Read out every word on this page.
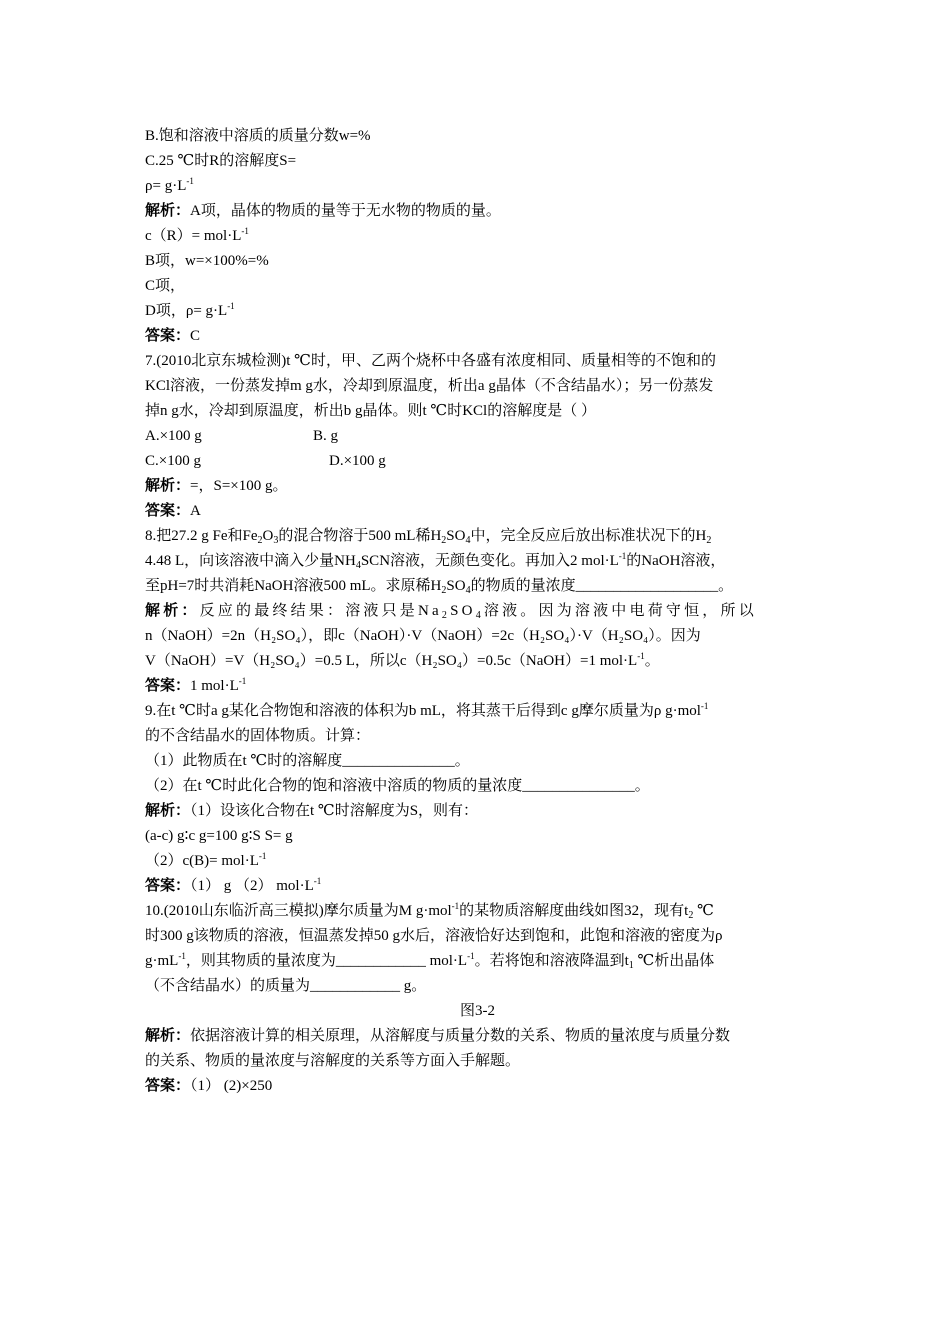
B.饱和溶液中溶质的质量分数w=%
C.25 ℃时R的溶解度S=
$\rho= g\cdot L^{-1}$
解析：A项，晶体的物质的量等于无水物的物质的量。
$c(R)= mol\cdot L^{-1}$
B项，w=×100%=%
C项，
D项，$\rho= g\cdot L^{-1}$
答案：C
7.(2010北京东城检测)t ℃时，甲、乙两个烧杯中各盛有浓度相同、质量相等的不饱和的
KCl溶液，一份蒸发掉m g水，冷却到原温度，析出a g晶体（不含结晶水）；另一份蒸发
掉n g水，冷却到原温度，析出b g晶体。则t ℃时KCl的溶解度是（ ）
A.×100 g	B. g
C.×100 g	D.×100 g
解析：=，S=×100 g。
答案：A
8.把27.2 g Fe和$Fe_2O_3$的混合物溶于500 mL稀$H_2SO_4$中，完全反应后放出标准状况下的$H_2$
4.48 L，向该溶液中滴入少量$NH_4SCN$溶液，无颜色变化。再加入2 $mol\cdot L^{-1}$的NaOH溶液，
至pH=7时共消耗NaOH溶液500 mL。求原稀$H_2SO_4$的物质的量浓度___________________。
解析：反应的最终结果：溶液只是$Na_2SO_4$溶液。因为溶液中电荷守恒，所以
n（NaOH）=2n（H₂SO₄），即c（NaOH）·V（NaOH）=2c（H₂SO₄）·V（H₂SO₄）。因为
V（NaOH）=V（H₂SO₄）=0.5 L，所以c（H₂SO₄）=0.5c（NaOH）=1 $mol\cdot L^{-1}$。
答案：1 $mol\cdot L^{-1}$
9.在t ℃时a g某化合物饱和溶液的体积为b mL，将其蒸干后得到c g摩尔质量为ρ g·mol$^{-1}$
的不含结晶水的固体物质。计算：
（1）此物质在t ℃时的溶解度_______________。
（2）在t ℃时此化合物的饱和溶液中溶质的物质的量浓度_______________。
解析：（1）设该化合物在t ℃时溶解度为S，则有：
(a-c) g∶c g=100 g∶S S= g
$(2)c(B)= mol\cdot L^{-1}$
答案：（1） g （2） $mol\cdot L^{-1}$
10.(2010山东临沂高三模拟)摩尔质量为M g·mol$^{-1}$的某物质溶解度曲线如图32，现有$t_2$ ℃
时300 g该物质的溶液，恒温蒸发掉50 g水后，溶液恰好达到饱和，此饱和溶液的密度为ρ
$g\cdot mL^{-1}$，则其物质的量浓度为____________ $mol\cdot L^{-1}$。若将饱和溶液降温到$t_1$ ℃析出晶体
（不含结晶水）的质量为____________ g。
图3-2
解析：依据溶液计算的相关原理，从溶解度与质量分数的关系、物质的量浓度与质量分数
的关系、物质的量浓度与溶解度的关系等方面入手解题。
答案：（1） (2)×250
